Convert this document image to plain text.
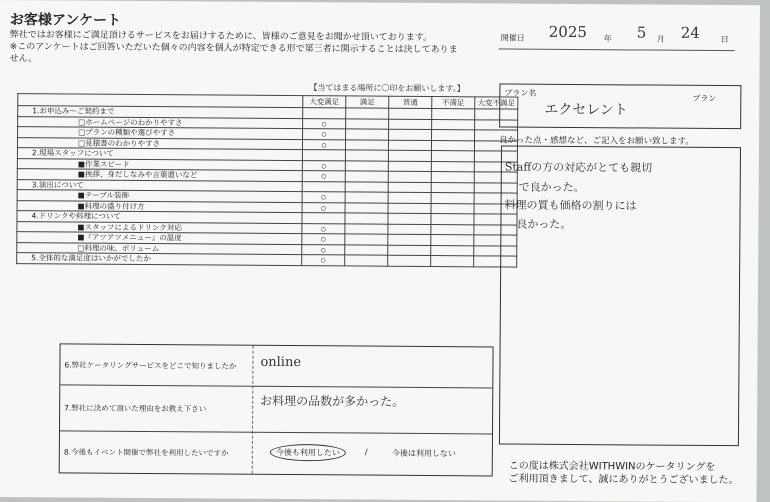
お客様アンケート
弊社ではお客様にご満足頂けるサービスをお届けするために、皆様のご意見をお聞かせ頂いております。
※このアンケートはご回答いただいた個々の内容を個人が特定できる形で第三者に開示することは決してありま
せん。
【当てはまる場所に〇印をお願いします。】
	大変満足	満足	普通	不満足	大変不満足
1.お申込み～ご契約まで					
□ホームページのわかりやすさ	○				
□プランの種類や選びやすさ	○				
□見積書のわかりやすさ	○				
2.現場スタッフについて					
■作業スピード	○				
■挨拶、身だしなみや言葉遣いなど	○				
3.演出について					
■テーブル装飾	○				
■料理の盛り付け方	○				
4.ドリンクや料理について					
■スタッフによるドリンク対応	○				
■『アツアツメニュー』の温度	○				
□料理の味、ボリューム	○				
5.全体的な満足度はいかがでしたか	○				
6.弊社ケータリングサービスをどこで知りましたか online
7.弊社に決めて頂いた理由をお教え下さい	お料理の品数が多かった。
8.今後もイベント開催で弊社を利用したいですか	今後も利用したい	/	今後は利用しない
開催日 2025 年 5 月 24	日
プラン名
エクセレント
プラン
良かった点・感想など、ご記入をお願い致します。
Staffの方の対応がとても親切
で良かった。
料理の質も価格の割りには
良かった。
この度は株式会社WITHWINのケータリングを
ご利用頂きまして、誠にありがとうございました。
